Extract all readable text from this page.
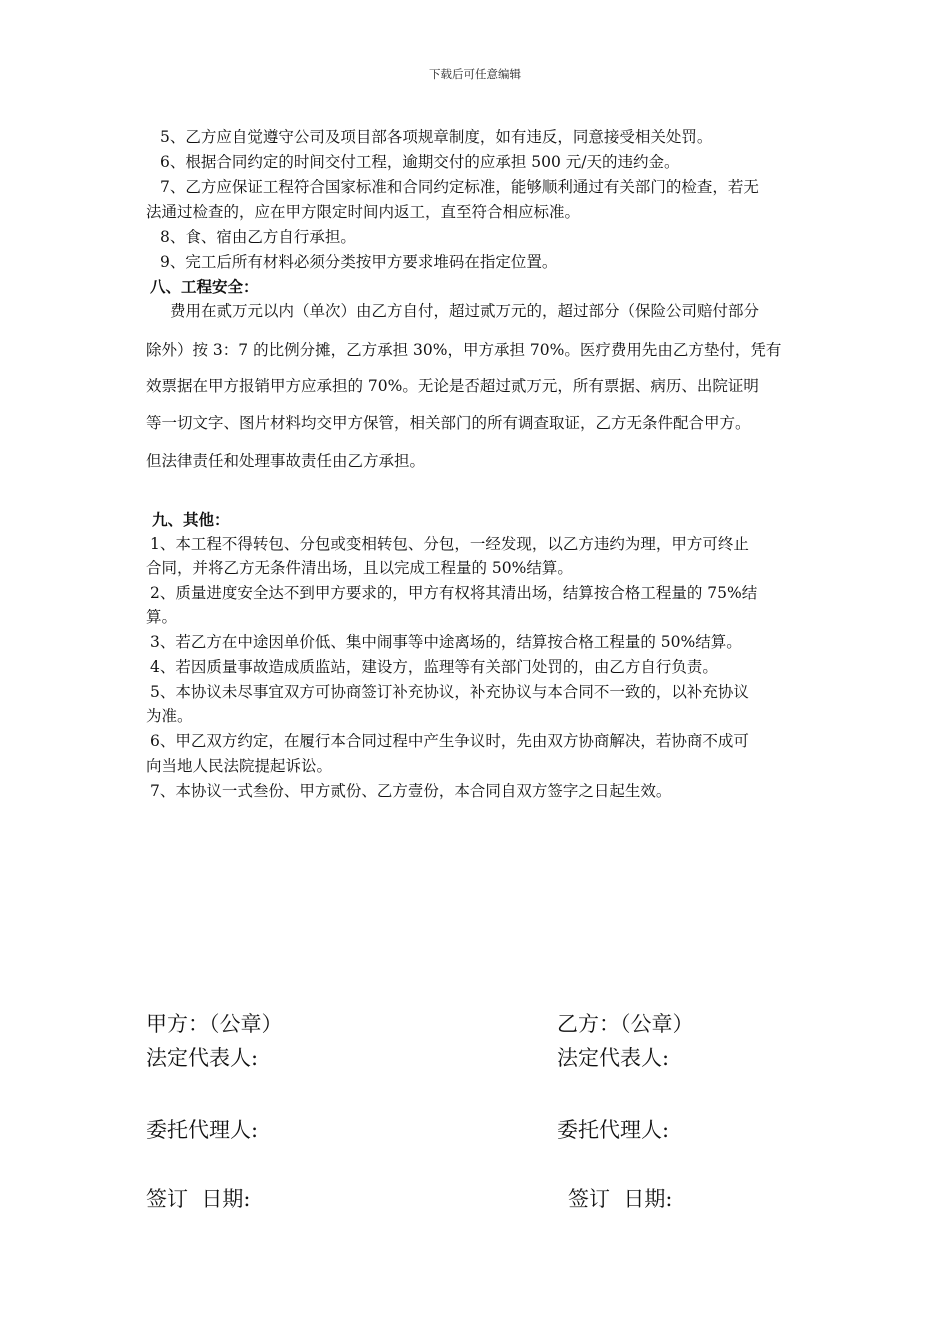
下载后可任意编辑
5、乙方应自觉遵守公司及项目部各项规章制度，如有违反，同意接受相关处罚。
6、根据合同约定的时间交付工程，逾期交付的应承担 500 元/天的违约金。
7、乙方应保证工程符合国家标准和合同约定标准，能够顺利通过有关部门的检查，若无
法通过检查的，应在甲方限定时间内返工，直至符合相应标准。
8、食、宿由乙方自行承担。
9、完工后所有材料必须分类按甲方要求堆码在指定位置。
八、工程安全：
费用在贰万元以内（单次）由乙方自付，超过贰万元的，超过部分（保险公司赔付部分
除外）按 3：7 的比例分摊，乙方承担 30%，甲方承担 70%。医疗费用先由乙方垫付，凭有
效票据在甲方报销甲方应承担的 70%。无论是否超过贰万元，所有票据、病历、出院证明
等一切文字、图片材料均交甲方保管，相关部门的所有调查取证，乙方无条件配合甲方。
但法律责任和处理事故责任由乙方承担。
九、其他：
1、本工程不得转包、分包或变相转包、分包，一经发现，以乙方违约为理，甲方可终止
合同，并将乙方无条件清出场，且以完成工程量的 50%结算。
2、质量进度安全达不到甲方要求的，甲方有权将其清出场，结算按合格工程量的 75%结
算。
3、若乙方在中途因单价低、集中闹事等中途离场的，结算按合格工程量的 50%结算。
4、若因质量事故造成质监站，建设方，监理等有关部门处罚的，由乙方自行负责。
5、本协议未尽事宜双方可协商签订补充协议，补充协议与本合同不一致的，以补充协议
为准。
6、甲乙双方约定，在履行本合同过程中产生争议时，先由双方协商解决，若协商不成可
向当地人民法院提起诉讼。
7、本协议一式叁份、甲方贰份、乙方壹份，本合同自双方签字之日起生效。
甲方：（公章）
法定代表人:
委托代理人:
签订  日期:
乙方：（公章）
法定代表人:
委托代理人:
签订  日期:
